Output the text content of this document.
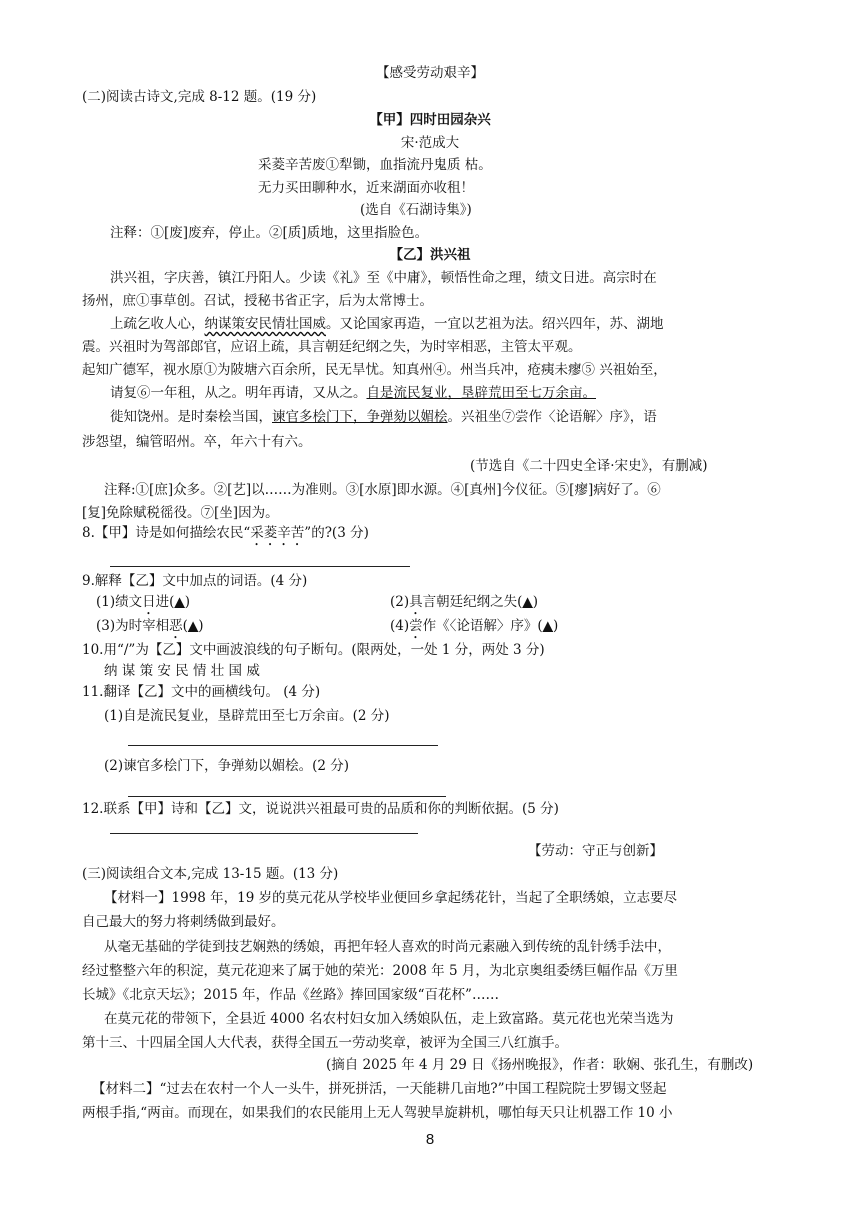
【感受劳动艰辛】
(二)阅读古诗文,完成 8-12 题。(19 分)
【甲】四时田园杂兴
宋·范成大
采菱辛苦废①犁锄，血指流丹鬼质 枯。
无力买田聊种水，近来湖面亦收租！
(选自《石湖诗集》)
注释：①[废]废弃，停止。②[质]质地，这里指脸色。
【乙】洪兴祖
洪兴祖，字庆善，镇江丹阳人。少读《礼》至《中庸》，顿悟性命之理，绩文日进。高宗时在
扬州，庶①事草创。召试，授秘书省正字，后为太常博士。
上疏乞收人心，纳谋策安民情壮国威。又论国家再造，一宜以艺祖为法。绍兴四年，苏、湖地
震。兴祖时为驾部郎官，应诏上疏，具言朝廷纪纲之失，为时宰相恶，主管太平观。
起知广德军，视水原①为陂塘六百余所，民无旱忧。知真州④。州当兵冲，疮痍未瘳⑤ 兴祖始至，
请复⑥一年租，从之。明年再请，又从之。自是流民复业，垦辟荒田至七万余亩。
徙知饶州。是时秦桧当国，谏官多桧门下，争弹劾以媚桧。兴祖坐⑦尝作〈论语解〉序》，语
涉怨望，编管昭州。卒，年六十有六。
(节选自《二十四史全译·宋史》，有删减)
注释:①[庶]众多。②[艺]以……为准则。③[水原]即水源。④[真州]今仪征。⑤[瘳]病好了。⑥
[复]免除赋税徭役。⑦[坐]因为。
8.【甲】诗是如何描绘农民“采菱辛苦”的?(3 分)
9.解释【乙】文中加点的词语。(4 分)
(1)绩文日进(▲)	(2)具言朝廷纪纲之失(▲)
(3)为时宰相恶(▲)	(4)尝作《〈论语解〉序》(▲)
10.用“/”为【乙】文中画波浪线的句子断句。(限两处，一处 1 分，两处 3 分)
纳 谋 策 安 民 情 壮 国 威
11.翻译【乙】文中的画横线句。 (4 分)
(1)自是流民复业，垦辟荒田至七万余亩。(2 分)
(2)谏官多桧门下，争弹劾以媚桧。(2 分)
12.联系【甲】诗和【乙】文，说说洪兴祖最可贵的品质和你的判断依据。(5 分)
【劳动：守正与创新】
(三)阅读组合文本,完成 13-15 题。(13 分)
【材料一】1998 年，19 岁的莫元花从学校毕业便回乡拿起绣花针，当起了全职绣娘，立志要尽
自己最大的努力将刺绣做到最好。
从毫无基础的学徒到技艺娴熟的绣娘，再把年轻人喜欢的时尚元素融入到传统的乱针绣手法中，
经过整整六年的积淀，莫元花迎来了属于她的荣光：2008 年 5 月，为北京奥组委绣巨幅作品《万里
长城》《北京天坛》；2015 年，作品《丝路》捧回国家级“百花杯”……
在莫元花的带领下，全县近 4000 名农村妇女加入绣娘队伍，走上致富路。莫元花也光荣当选为
第十三、十四届全国人大代表，获得全国五一劳动奖章，被评为全国三八红旗手。
(摘自 2025 年 4 月 29 日《扬州晚报》，作者：耿娴、张孔生，有删改)
【材料二】“过去在农村一个人一头牛，拼死拼活，一天能耕几亩地?”中国工程院院士罗锡文竖起
两根手指,“两亩。而现在，如果我们的农民能用上无人驾驶旱旋耕机，哪怕每天只让机器工作 10 小
8
